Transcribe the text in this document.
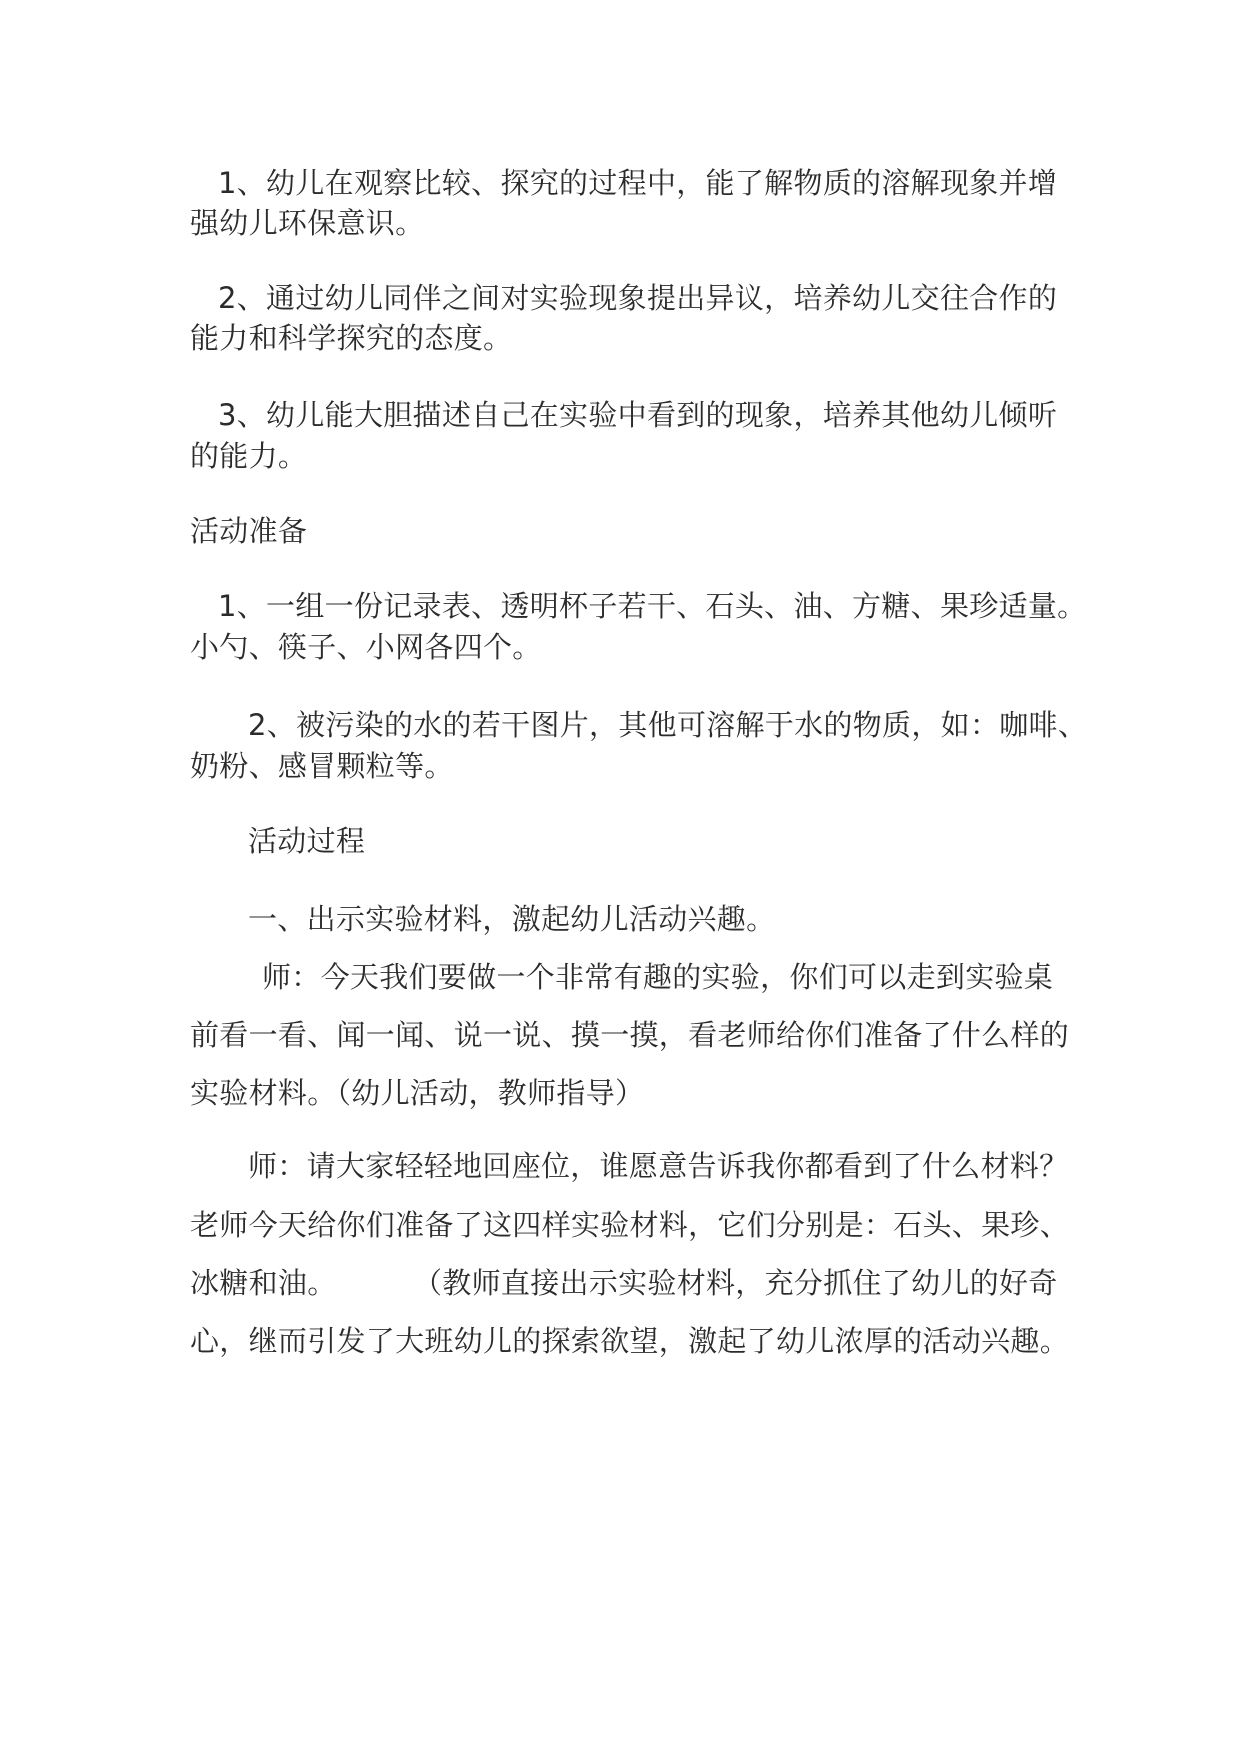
1、幼儿在观察比较、探究的过程中，能了解物质的溶解现象并增

强幼儿环保意识。

2、通过幼儿同伴之间对实验现象提出异议，培养幼儿交往合作的

能力和科学探究的态度。

3、幼儿能大胆描述自己在实验中看到的现象，培养其他幼儿倾听

的能力。

活动准备

1、一组一份记录表、透明杯子若干、石头、油、方糖、果珍适量。

小勺、筷子、小网各四个。

2、被污染的水的若干图片，其他可溶解于水的物质，如：咖啡、

奶粉、感冒颗粒等。

活动过程

一、出示实验材料，激起幼儿活动兴趣。

师：今天我们要做一个非常有趣的实验，你们可以走到实验桌

前看一看、闻一闻、说一说、摸一摸，看老师给你们准备了什么样的

实验材料。（幼儿活动，教师指导）

师：请大家轻轻地回座位，谁愿意告诉我你都看到了什么材料？

老师今天给你们准备了这四样实验材料，它们分别是：石头、果珍、

冰糖和油。	（教师直接出示实验材料，充分抓住了幼儿的好奇

心，继而引发了大班幼儿的探索欲望，激起了幼儿浓厚的活动兴趣。
